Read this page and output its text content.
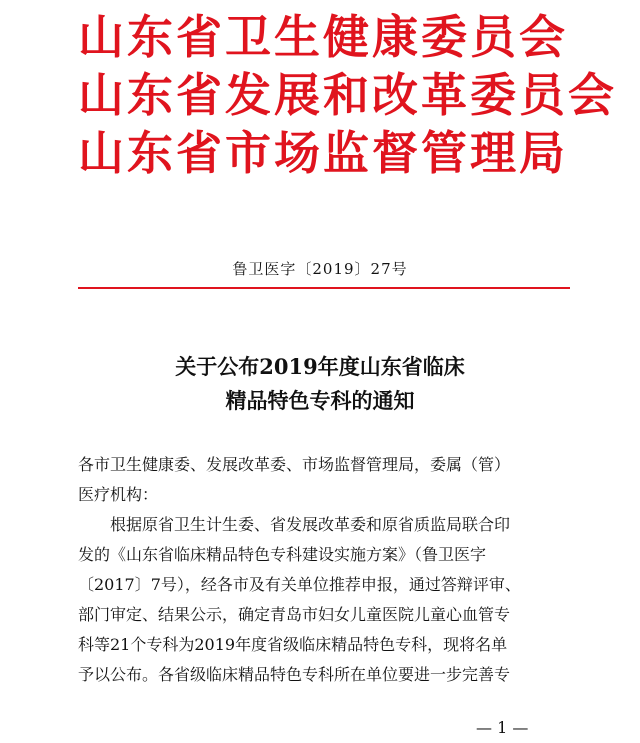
山东省卫生健康委员会
山东省发展和改革委员会
山东省市场监督管理局
鲁卫医字〔2019〕27号
关于公布2019年度山东省临床
精品特色专科的通知

各市卫生健康委、发展改革委、市场监督管理局，委属（管）
医疗机构：

根据原省卫生计生委、省发展改革委和原省质监局联合印
发的《山东省临床精品特色专科建设实施方案》（鲁卫医字
〔2017〕7号），经各市及有关单位推荐申报，通过答辩评审、
部门审定、结果公示，确定青岛市妇女儿童医院儿童心血管专
科等21个专科为2019年度省级临床精品特色专科，现将名单
予以公布。各省级临床精品特色专科所在单位要进一步完善专

— 1 —
